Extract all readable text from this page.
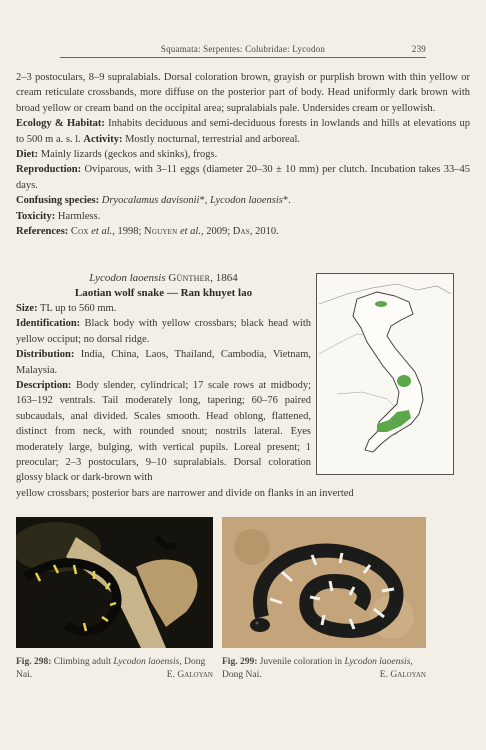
Squamata: Serpentes: Colubridae: Lycodon	239

2–3 postoculars, 8–9 supralabials. Dorsal coloration brown, grayish or purplish brown with thin yellow or cream reticulate crossbands, more diffuse on the posterior part of body. Head uniformly dark brown with broad yellow or cream band on the occipital area; supralabials pale. Undersides cream or yellowish.

Ecology & Habitat: Inhabits deciduous and semi-deciduous forests in lowlands and hills at elevations up to 500 m a. s. l. Activity: Mostly nocturnal, terrestrial and arboreal.

Diet: Mainly lizards (geckos and skinks), frogs.

Reproduction: Oviparous, with 3–11 eggs (diameter 20–30 ± 10 mm) per clutch. Incubation takes 33–45 days.

Confusing species: Dryocalamus davisonii*, Lycodon laoensis*.

Toxicity: Harmless.

References: Cox et al., 1998; Nguyen et al., 2009; Das, 2010.

Lycodon laoensis Günther, 1864
Laotian wolf snake — Ran khuyet lao

Size: TL up to 560 mm.

Identification: Black body with yellow crossbars; black head with yellow occiput; no dorsal ridge.

Distribution: India, China, Laos, Thailand, Cambodia, Vietnam, Malaysia.

Description: Body slender, cylindrical; 17 scale rows at midbody; 163–192 ventrals. Tail moderately long, tapering; 60–76 paired subcaudals, anal divided. Scales smooth. Head oblong, flattened, distinct from neck, with rounded snout; nostrils lateral. Eyes moderately large, bulging, with vertical pupils. Loreal present; 1 preocular; 2–3 postoculars, 9–10 supralabials. Dorsal coloration glossy black or dark-brown with

yellow crossbars; posterior bars are narrower and divide on flanks in an inverted
Fig. 298: Climbing adult Lycodon laoensis, Dong Nai.	E. Galoyan
Fig. 299: Juvenile coloration in Lycodon laoensis, Dong Nai.	E. Galoyan
